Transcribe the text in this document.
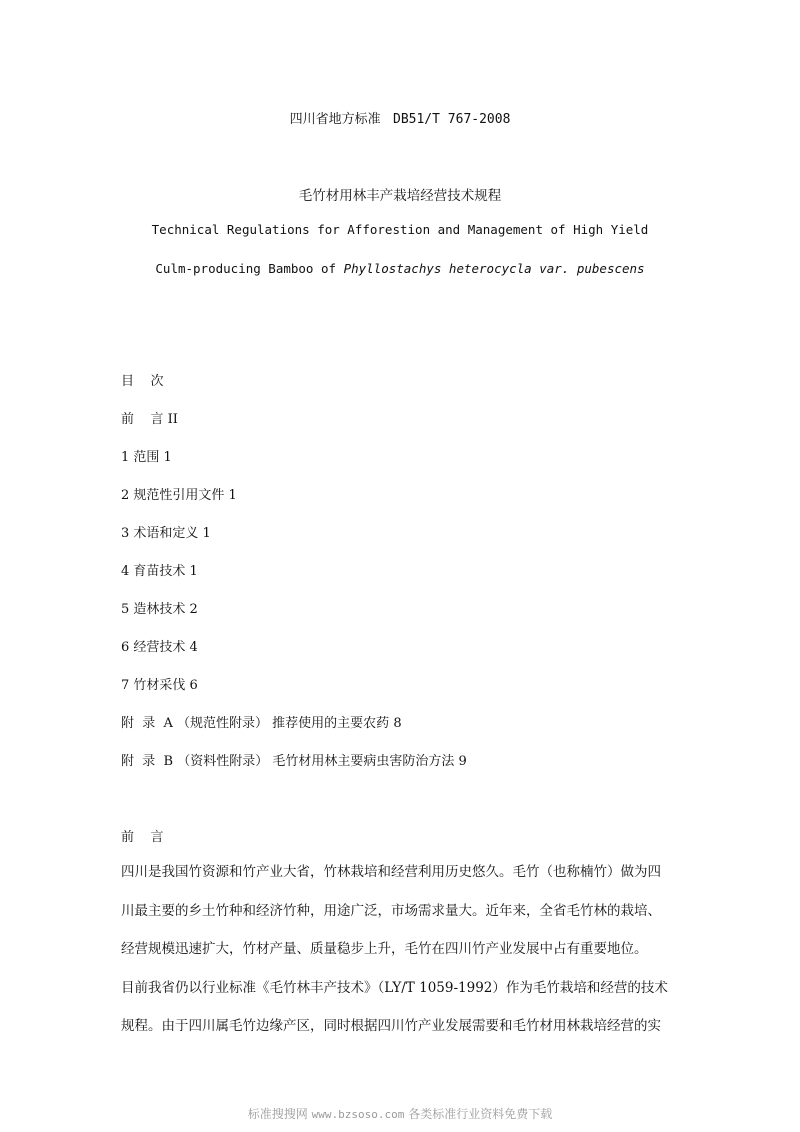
四川省地方标准 DB51/T 767-2008
毛竹材用林丰产栽培经营技术规程
Technical Regulations for Afforestion and Management of High Yield
Culm-producing Bamboo of Phyllostachys heterocycla var. pubescens
目    次
前    言 II
1 范围 1
2 规范性引用文件 1
3 术语和定义 1
4 育苗技术 1
5 造林技术 2
6 经营技术 4
7 竹材采伐 6
附  录  A （规范性附录） 推荐使用的主要农药 8
附  录  B （资料性附录） 毛竹材用林主要病虫害防治方法 9
前    言
四川是我国竹资源和竹产业大省，竹林栽培和经营利用历史悠久。毛竹（也称楠竹）做为四
川最主要的乡土竹种和经济竹种，用途广泛，市场需求量大。近年来，全省毛竹林的栽培、
经营规模迅速扩大，竹材产量、质量稳步上升，毛竹在四川竹产业发展中占有重要地位。
目前我省仍以行业标准《毛竹林丰产技术》（LY/T 1059-1992）作为毛竹栽培和经营的技术
规程。由于四川属毛竹边缘产区，同时根据四川竹产业发展需要和毛竹材用林栽培经营的实
标准搜搜网 www.bzsoso.com 各类标准行业资料免费下载
